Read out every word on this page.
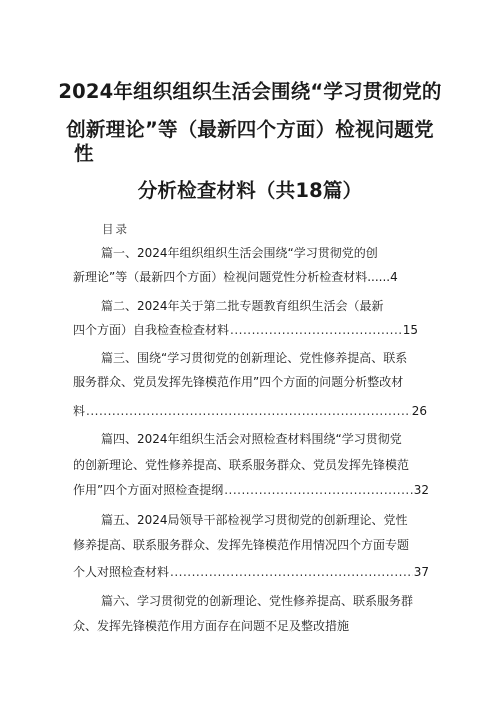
2024年组织组织生活会围绕“学习贯彻党的
创新理论”等（最新四个方面）检视问题党
性
分析检查材料（共18篇）
目录
篇一、2024年组织组织生活会围绕“学习贯彻党的创
新理论”等（最新四个方面）检视问题党性分析检查材料......4
篇二、2024年关于第二批专题教育组织生活会（最新
四个方面）自我检查检查材料 .....	15
篇三、围绕“学习贯彻党的创新理论、党性修养提高、联系
服务群众、党员发挥先锋模范作用”四个方面的问题分析整改材
料 .....	26
篇四、2024年组织生活会对照检查材料围绕“学习贯彻党
的创新理论、党性修养提高、联系服务群众、党员发挥先锋模范
作用”四个方面对照检查提纲 .....	32
篇五、2024局领导干部检视学习贯彻党的创新理论、党性
修养提高、联系服务群众、发挥先锋模范作用情况四个方面专题
个人对照检查材料 .....	37
篇六、学习贯彻党的创新理论、党性修养提高、联系服务群
众、发挥先锋模范作用方面存在问题不足及整改措施
